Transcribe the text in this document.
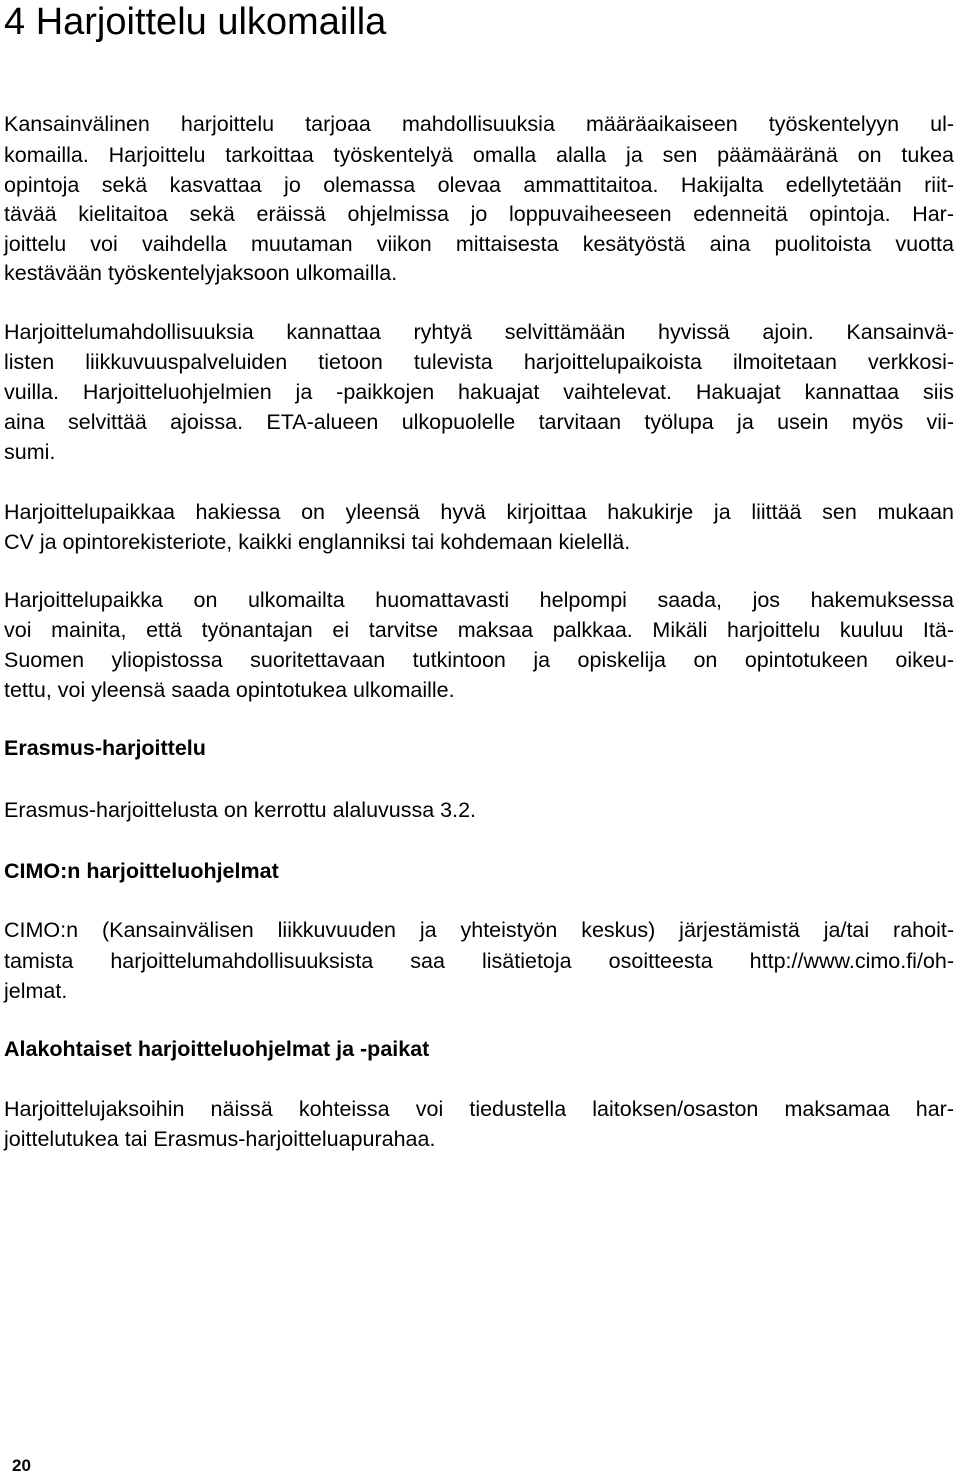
4 Harjoittelu ulkomailla
Kansainvälinen harjoittelu tarjoaa mahdollisuuksia määräaikaiseen työskentelyyn ul-
komailla. Harjoittelu tarkoittaa työskentelyä omalla alalla ja sen päämääränä on tukea
opintoja sekä kasvattaa jo olemassa olevaa ammattitaitoa. Hakijalta edellytetään riit-
tävää kielitaitoa sekä eräissä ohjelmissa jo loppuvaiheeseen edenneitä opintoja. Har-
joittelu voi vaihdella muutaman viikon mittaisesta kesätyöstä aina puolitoista vuotta
kestävään työskentelyjaksoon ulkomailla.
Harjoittelumahdollisuuksia kannattaa ryhtyä selvittämään hyvissä ajoin. Kansainvä-
listen liikkuvuuspalveluiden tietoon tulevista harjoittelupaikoista ilmoitetaan verkkosi-
vuilla. Harjoitteluohjelmien ja -paikkojen hakuajat vaihtelevat. Hakuajat kannattaa siis
aina selvittää ajoissa. ETA-alueen ulkopuolelle tarvitaan työlupa ja usein myös vii-
sumi.
Harjoittelupaikkaa hakiessa on yleensä hyvä kirjoittaa hakukirje ja liittää sen mukaan
CV ja opintorekisteriote, kaikki englanniksi tai kohdemaan kielellä.
Harjoittelupaikka on ulkomailta huomattavasti helpompi saada, jos hakemuksessa
voi mainita, että työnantajan ei tarvitse maksaa palkkaa. Mikäli harjoittelu kuuluu Itä-
Suomen yliopistossa suoritettavaan tutkintoon ja opiskelija on opintotukeen oikeu-
tettu, voi yleensä saada opintotukea ulkomaille.
Erasmus-harjoittelu
Erasmus-harjoittelusta on kerrottu alaluvussa 3.2.
CIMO:n harjoitteluohjelmat
CIMO:n (Kansainvälisen liikkuvuuden ja yhteistyön keskus) järjestämistä ja/tai rahoit-
tamista harjoittelumahdollisuuksista saa lisätietoja osoitteesta http://www.cimo.fi/oh-
jelmat.
Alakohtaiset harjoitteluohjelmat ja -paikat
Harjoittelujaksoihin näissä kohteissa voi tiedustella laitoksen/osaston maksamaa har-
joittelutukea tai Erasmus-harjoitteluapurahaa.
20
